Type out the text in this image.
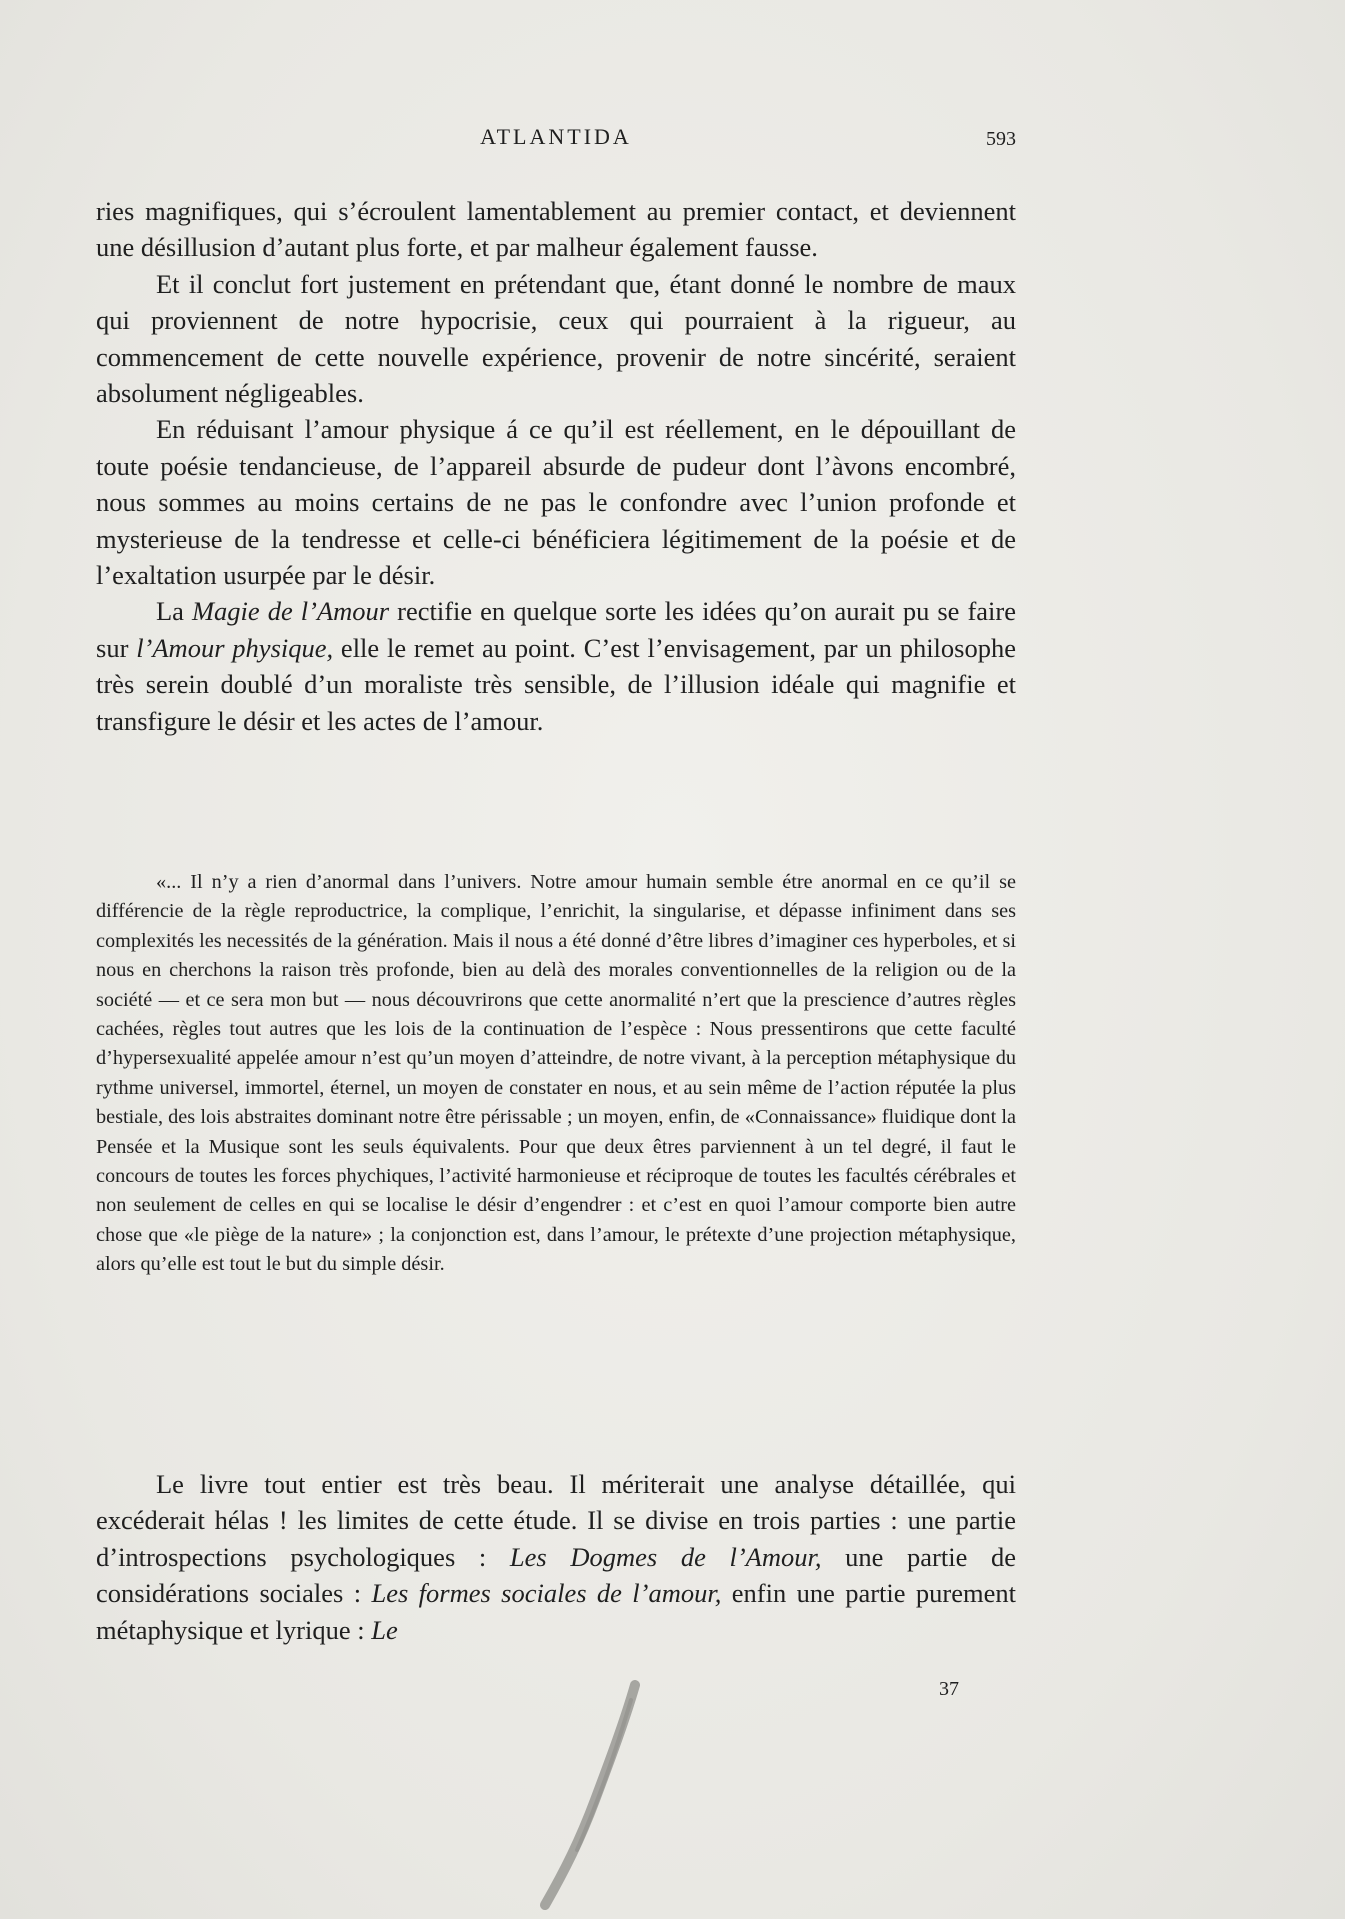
ATLANTIDA	593

ries magnifiques, qui s’écroulent lamentablement au premier contact, et deviennent une désillusion d’autant plus forte, et par malheur également fausse.

Et il conclut fort justement en prétendant que, étant donné le nombre de maux qui proviennent de notre hypocrisie, ceux qui pourraient à la rigueur, au commencement de cette nouvelle expérience, provenir de notre sincérité, seraient absolument négligeables.

En réduisant l’amour physique á ce qu’il est réellement, en le dépouillant de toute poésie tendancieuse, de l’appareil absurde de pudeur dont l’àvons encombré, nous sommes au moins certains de ne pas le confondre avec l’union profonde et mysterieuse de la tendresse et celle-ci bénéficiera légitimement de la poésie et de l’exaltation usurpée par le désir.

La Magie de l’Amour rectifie en quelque sorte les idées qu’on aurait pu se faire sur l’Amour physique, elle le remet au point. C’est l’envisagement, par un philosophe très serein doublé d’un moraliste très sensible, de l’illusion idéale qui magnifie et transfigure le désir et les actes de l’amour.

«... Il n’y a rien d’anormal dans l’univers. Notre amour humain semble étre anormal en ce qu’il se différencie de la règle reproductrice, la complique, l’enrichit, la singularise, et dépasse infiniment dans ses complexités les necessités de la génération. Mais il nous a été donné d’être libres d’imaginer ces hyperboles, et si nous en cherchons la raison très profonde, bien au delà des morales conventionnelles de la religion ou de la société — et ce sera mon but — nous découvrirons que cette anormalité n’ert que la prescience d’autres règles cachées, règles tout autres que les lois de la continuation de l’espèce : Nous pressentirons que cette faculté d’hypersexualité appelée amour n’est qu’un moyen d’atteindre, de notre vivant, à la perception métaphysique du rythme universel, immortel, éternel, un moyen de constater en nous, et au sein même de l’action réputée la plus bestiale, des lois abstraites dominant notre être périssable ; un moyen, enfin, de «Connaissance» fluidique dont la Pensée et la Musique sont les seuls équivalents. Pour que deux êtres parviennent à un tel degré, il faut le concours de toutes les forces phychiques, l’activité harmonieuse et réciproque de toutes les facultés cérébrales et non seulement de celles en qui se localise le désir d’engendrer : et c’est en quoi l’amour comporte bien autre chose que «le piège de la nature» ; la conjonction est, dans l’amour, le prétexte d’une projection métaphysique, alors qu’elle est tout le but du simple désir.

Le livre tout entier est très beau. Il mériterait une analyse détaillée, qui excéderait hélas ! les limites de cette étude. Il se divise en trois parties : une partie d’introspections psychologiques : Les Dogmes de l’Amour, une partie de considérations sociales : Les formes sociales de l’amour, enfin une partie purement métaphysique et lyrique : Le

37
